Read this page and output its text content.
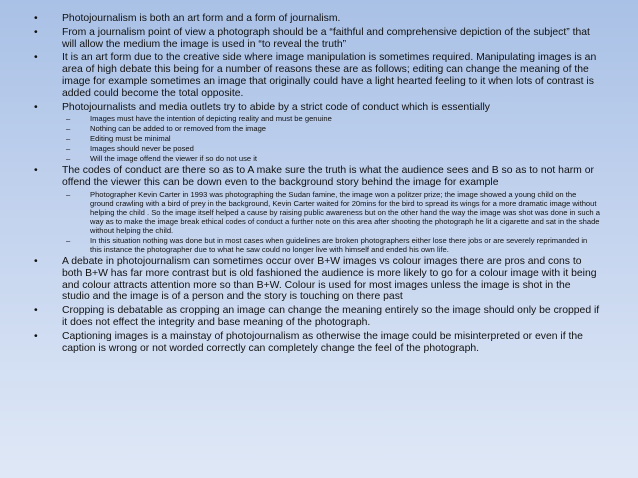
• Photojournalism is both an art form and a form of journalism.
• From a journalism point of view a photograph should be a “faithful and comprehensive depiction of the subject” that will allow the medium the image is used in “to reveal the truth”
• It is an art form due to the creative side where image manipulation is sometimes required. Manipulating images is an area of high debate this being for a number of reasons these are as follows; editing can change the meaning of the image for example sometimes an image that originally could have a light hearted feeling to it when lots of contrast is added could become the total opposite.
• Photojournalists and media outlets try to abide by a strict code of conduct which is essentially
–	Images must have the intention of depicting reality and must be genuine
–	Nothing can be added to or removed from the image
–	Editing must be minimal
–	Images should never be posed
–	Will the image offend the viewer if so do not use it
• The codes of conduct are there so as to A make sure the truth is what the audience sees and B so as to not harm or offend the viewer this can be down even to the background story behind the image for example
–	Photographer Kevin Carter in 1993 was photographing the Sudan famine, the image won a politzer prize; the image showed a young child on the ground crawling with a bird of prey in the background, Kevin Carter waited for 20mins for the bird to spread its wings for a more dramatic image without helping the child . So the image itself helped a cause by raising public awareness but on the other hand the way the image was shot was done in such a way as to make the image break ethical codes of conduct a further note on this area after shooting the photograph he lit a cigarette and sat in the shade without helping the child.
–	In this situation nothing was done but in most cases when guidelines are broken photographers either lose there jobs or are severely reprimanded in this instance the photographer due to what he saw could no longer live with himself and ended his own life.
• A debate in photojournalism can sometimes occur over B+W images vs colour images there are pros and cons to both B+W has far more contrast but is old fashioned the audience is more likely to go for a colour image with it being and colour attracts attention more so than B+W. Colour is used for most images unless the image is shot in the studio and the image is of a person and the story is touching on there past
• Cropping is debatable as cropping an image can change the meaning entirely so the image should only be cropped if it does not effect the integrity and base meaning of the photograph.
• Captioning images is a mainstay of photojournalism as otherwise the image could be misinterpreted or even if the caption is wrong or not worded correctly can completely change the feel of the photograph.
